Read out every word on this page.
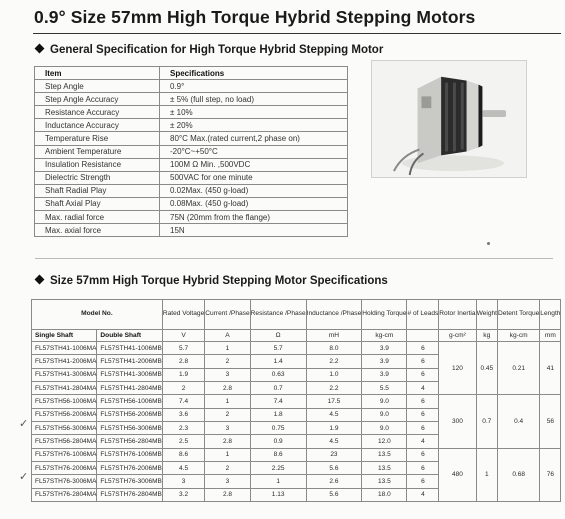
0.9° Size 57mm High Torque Hybrid Stepping Motors
General Specification for High Torque Hybrid Stepping Motor
Item	Specifications
Step Angle	0.9°
Step Angle Accuracy	± 5% (full step, no load)
Resistance Accuracy	± 10%
Inductance Accuracy	± 20%
Temperature Rise	80°C Max.(rated current,2 phase on)
Ambient Temperature	-20°C~+50°C
Insulation Resistance	100M Ω Min. ,500VDC
Dielectric Strength	500VAC for one minute
Shaft Radial Play	0.02Max. (450 g-load)
Shaft Axial Play	0.08Max. (450 g-load)
Max. radial force	75N (20mm from the flange)
Max. axial force	15N
Size 57mm High Torque Hybrid Stepping Motor Specifications
Model No.		Rated Voltage	Current /Phase	Resistance /Phase	Inductance /Phase	Holding Torque	# of Leads	Rotor Inertia	Weight	Detent Torque	Length
Single Shaft	Double Shaft	V	A	Ω	mH	kg-cm		g-cm²	kg	kg-cm	mm
FL57STH41-1006MA	FL57STH41-1006MB	5.7	1	5.7	8.0	3.9	6	120	0.45	0.21	41
FL57STH41-2006MA	FL57STH41-2006MB	2.8	2	1.4	2.2	3.9	6				
FL57STH41-3006MA	FL57STH41-3006MB	1.9	3	0.63	1.0	3.9	6				
FL57STH41-2804MA	FL57STH41-2804MB	2	2.8	0.7	2.2	5.5	4				
FL57STH56-1006MA	FL57STH56-1006MB	7.4	1	7.4	17.5	9.0	6	300	0.7	0.4	56
FL57STH56-2006MA	FL57STH56-2006MB	3.6	2	1.8	4.5	9.0	6				
FL57STH56-3006MA	FL57STH56-3006MB	2.3	3	0.75	1.9	9.0	6				
FL57STH56-2804MA	FL57STH56-2804MB	2.5	2.8	0.9	4.5	12.0	4				
FL57STH76-1006MA	FL57STH76-1006MB	8.6	1	8.6	23	13.5	6	480	1	0.68	76
FL57STH76-2006MA	FL57STH76-2006MB	4.5	2	2.25	5.6	13.5	6				
FL57STH76-3006MA	FL57STH76-3006MB	3	3	1	2.6	13.5	6				
FL57STH76-2804MA	FL57STH76-2804MB	3.2	2.8	1.13	5.6	18.0	4				
✓
✓
